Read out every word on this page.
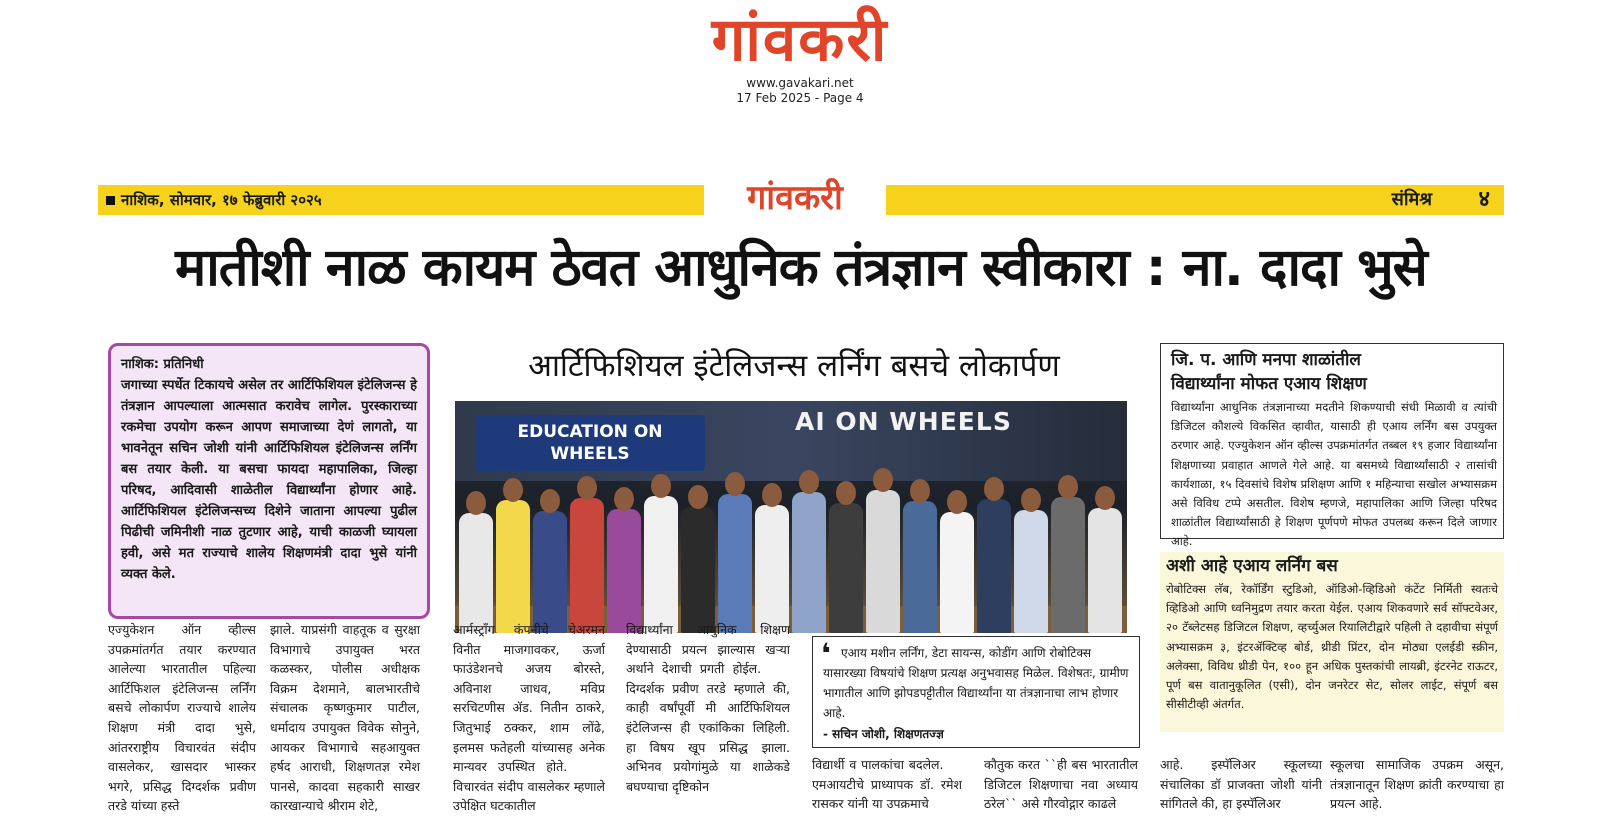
गांवकरी
www.gavakari.net
17 Feb 2025 - Page 4
नाशिक, सोमवार, १७ फेब्रुवारी २०२५	गांवकरी	संमिश्र ४
मातीशी नाळ कायम ठेवत आधुनिक तंत्रज्ञान स्वीकारा : ना. दादा भुसे
नाशिक: प्रतिनिधी
जगाच्या स्पर्धेत टिकायचे असेल तर आर्टिफिशियल इंटेलिजन्स हे तंत्रज्ञान आपल्याला आत्मसात करावेच लागेल. पुरस्काराच्या रकमेचा उपयोग करून आपण समाजाच्या देणं लागतो, या भावनेतून सचिन जोशी यांनी आर्टिफिशियल इंटेलिजन्स लर्निंग बस तयार केली. या बसचा फायदा महापालिका, जिल्हा परिषद, आदिवासी शाळेतील विद्यार्थ्यांना होणार आहे. आर्टिफिशियल इंटेलिजन्सच्य दिशेने जाताना आपल्या पुढील पिढीची जमिनीशी नाळ तुटणार आहे, याची काळजी घ्यायला हवी, असे मत राज्याचे शालेय शिक्षणमंत्री दादा भुसे यांनी व्यक्त केले.
आर्टिफिशियल इंटेलिजन्स लर्निंग बसचे लोकार्पण
EDUCATION ON WHEELS
AI ON WHEELS
एज्युकेशन ऑन व्हील्स उपक्रमांतर्गत तयार करण्यात आलेल्या भारतातील पहिल्या आर्टिफिशल इंटेलिजन्स लर्निंग बसचे लोकार्पण राज्याचे शालेय शिक्षण मंत्री दादा भुसे, आंतरराष्ट्रीय विचारवंत संदीप वासलेकर, खासदार भास्कर भगरे, प्रसिद्ध दिग्दर्शक प्रवीण तरडे यांच्या हस्ते
झाले. याप्रसंगी वाहतूक व सुरक्षा विभागाचे उपायुक्त भरत कळस्कर, पोलीस अधीक्षक विक्रम देशमाने, बालभारतीचे संचालक कृष्णकुमार पाटील, धर्मादाय उपायुक्त विवेक सोनुने, आयकर विभागाचे सहआयुक्त हर्षद आराधी, शिक्षणतज्ञ रमेश पानसे, कादवा सहकारी साखर कारखान्याचे श्रीराम शेटे,
आर्मस्ट्रॉंग कंपनीचे चेअरमन विनीत माजगावकर, ऊर्जा फाउंडेशनचे अजय बोरस्ते, अविनाश जाधव, मविप्र सरचिटणीस ॲड. नितीन ठाकरे, जितुभाई ठक्कर, शाम लोंढे, इलमस फतेहली यांच्यासह अनेक मान्यवर उपस्थित होते.     विचारवंत संदीप वासलेकर म्हणाले उपेक्षित घटकातील
विद्यार्थ्यांना आधुनिक शिक्षण देण्यासाठी प्रयत्न झाल्यास खऱ्या अर्थाने देशाची प्रगती होईल.     दिग्दर्शक प्रवीण तरडे म्हणाले की, काही वर्षांपूर्वी मी आर्टिफिशियल इंटेलिजन्स ही एकांकिका लिहिली. हा विषय खूप प्रसिद्ध झाला. अभिनव प्रयोगांमुळे या शाळेकडे बघण्याचा दृष्टिकोन
विद्यार्थी व पालकांचा बदलेल.     एमआयटीचे प्राध्यापक डॉ. रमेश रासकर यांनी या उपक्रमाचे
कौतुक करत ``ही बस भारतातील डिजिटल शिक्षणाचा नवा अध्याय ठरेल`` असे गौरवोद्गार काढले
आहे. इस्पॅलिअर स्कूलच्या संचालिका डॉ प्राजक्ता जोशी यांनी सांगितले की, हा इस्पॅलिअर
स्कूलचा सामाजिक उपक्रम असून, तंत्रज्ञानातून शिक्षण क्रांती करण्याचा हा प्रयत्न आहे.
❛ एआय मशीन लर्निंग, डेटा सायन्स, कोडींग आणि रोबोटिक्स यासारख्या विषयांचे शिक्षण प्रत्यक्ष अनुभवासह मिळेल. विशेषतः, ग्रामीण भागातील आणि झोपडपट्टीतील विद्यार्थ्यांना या तंत्रज्ञानाचा लाभ होणार आहे.
- सचिन जोशी, शिक्षणतज्ज्ञ
जि. प. आणि मनपा शाळांतील
विद्यार्थ्यांना मोफत एआय शिक्षण
विद्यार्थ्यांना आधुनिक तंत्रज्ञानाच्या मदतीने शिकण्याची संधी मिळावी व त्यांची डिजिटल कौशल्ये विकसित व्हावीत, यासाठी ही एआय लर्निंग बस उपयुक्त ठरणार आहे. एज्युकेशन ऑन व्हील्स उपक्रमांतर्गत तब्बल १९ हजार विद्यार्थ्यांना शिक्षणाच्या प्रवाहात आणले गेले आहे. या बसमध्ये विद्यार्थ्यांसाठी २ तासांची कार्यशाळा, १५ दिवसांचे विशेष प्रशिक्षण आणि १ महिन्याचा सखोल अभ्यासक्रम असे विविध टप्पे असतील. विशेष म्हणजे, महापालिका आणि जिल्हा परिषद शाळांतील विद्यार्थ्यांसाठी हे शिक्षण पूर्णपणे मोफत उपलब्ध करून दिले जाणार आहे.
अशी आहे एआय लर्निंग बस
रोबोटिक्स लॅब, रेकॉर्डिंग स्टुडिओ, ऑडिओ-व्हिडिओ कंटेंट निर्मिती स्वतःचे व्हिडिओ आणि ध्वनिमुद्रण तयार करता येईल. एआय शिकवणारे सर्व सॉफ्टवेअर, २० टॅब्लेटसह डिजिटल शिक्षण, व्हर्च्युअल रियालिटीद्वारे पहिली ते दहावीचा संपूर्ण अभ्यासक्रम ३, इंटरॲक्टिव्ह बोर्ड, थ्रीडी प्रिंटर, दोन मोठ्या एलईडी स्क्रीन, अलेक्सा, विविध थ्रीडी पेन, १०० हून अधिक पुस्तकांची लायब्री, इंटरनेट राऊटर, पूर्ण बस वातानुकूलित (एसी), दोन जनरेटर सेट, सोलर लाईट, संपूर्ण बस सीसीटीव्ही अंतर्गत.
